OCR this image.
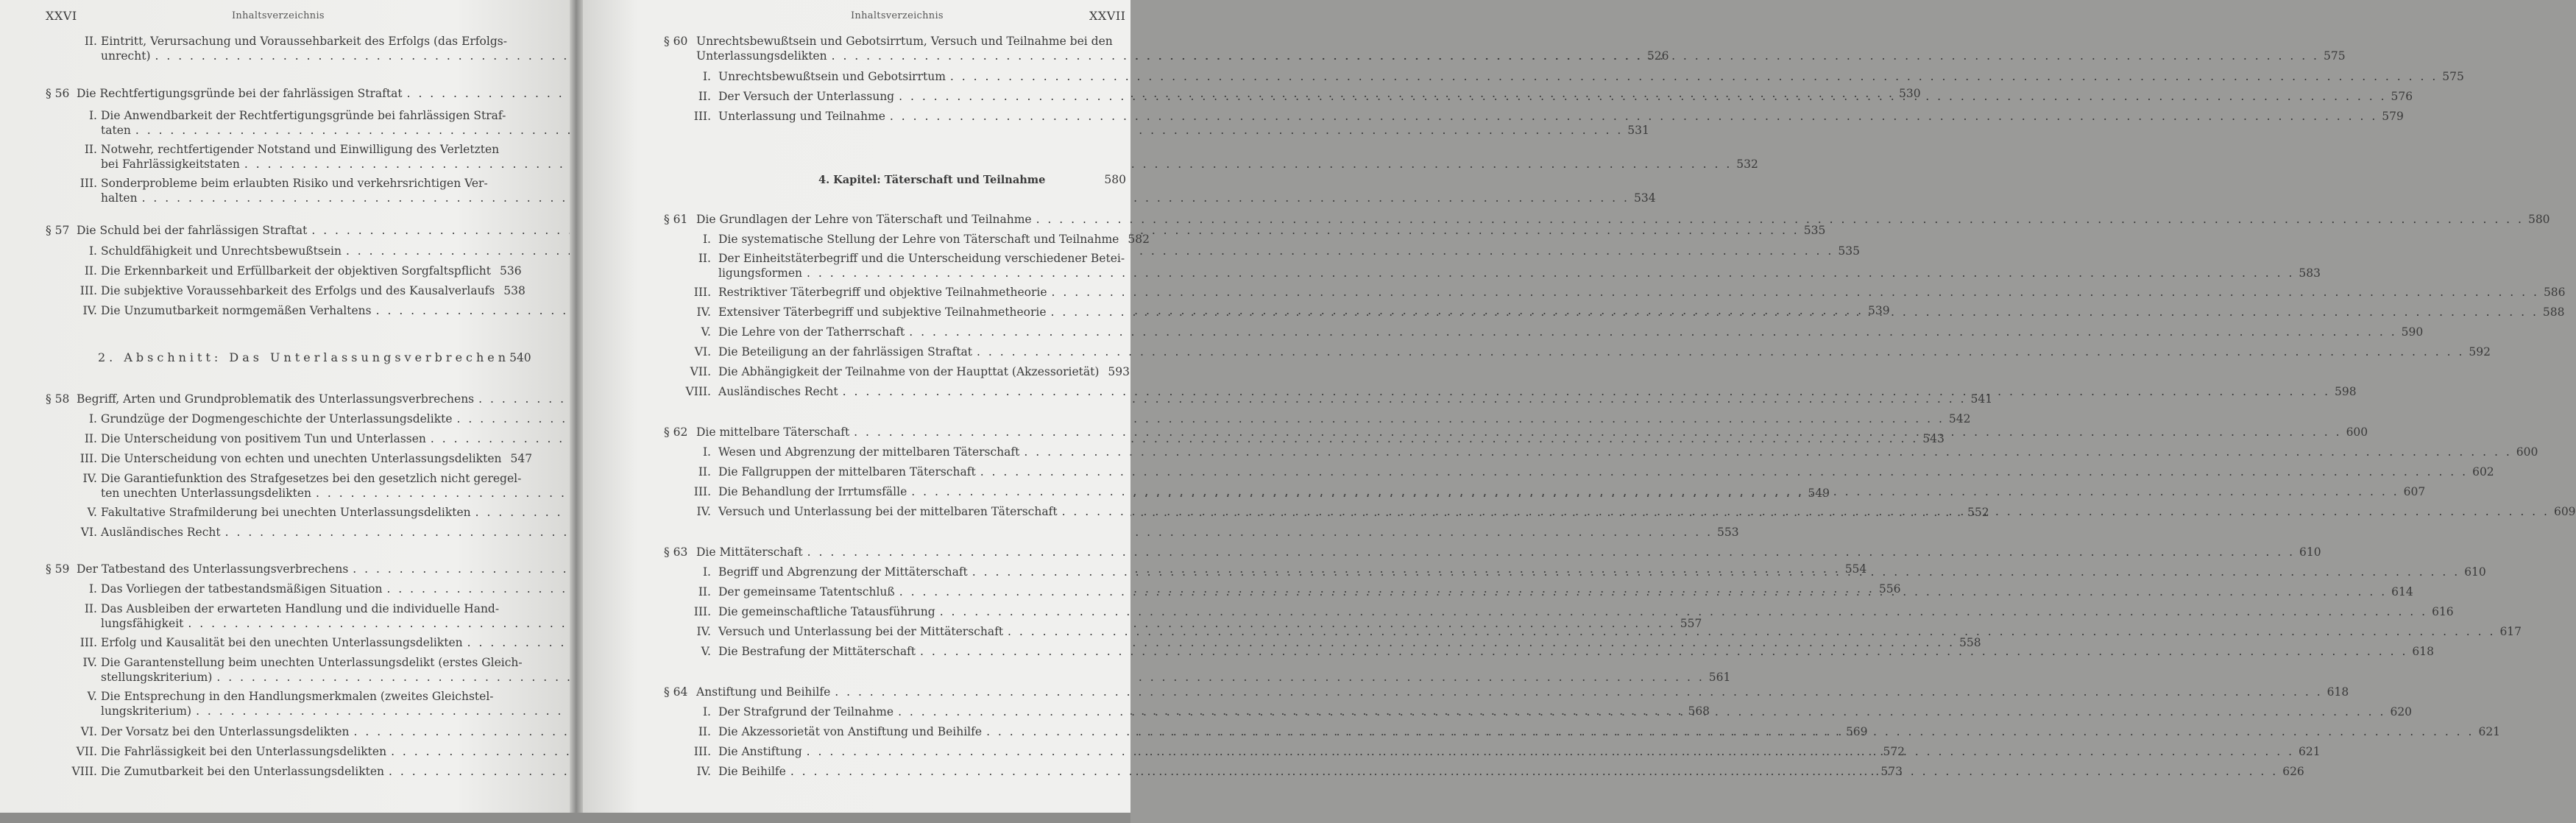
XXVI	Inhaltsverzeichnis
II. Eintritt, Verursachung und Voraussehbarkeit des Erfolgs (das Erfolgs-
unrecht) . . .	526
§ 56 Die Rechtfertigungsgründe bei der fahrlässigen Straftat . . .	530
I. Die Anwendbarkeit der Rechtfertigungsgründe bei fahrlässigen Straf-
taten . . .	531
II. Notwehr, rechtfertigender Notstand und Einwilligung des Verletzten
bei Fahrlässigkeitstaten . . .	532
III. Sonderprobleme beim erlaubten Risiko und verkehrsrichtigen Ver-
halten . . .	534
§ 57 Die Schuld bei der fahrlässigen Straftat . . .	535
I. Schuldfähigkeit und Unrechtsbewußtsein . . .	535
II. Die Erkennbarkeit und Erfüllbarkeit der objektiven Sorgfaltspflicht 536
III. Die subjektive Voraussehbarkeit des Erfolgs und des Kausalverlaufs 538
IV. Die Unzumutbarkeit normgemäßen Verhaltens . . .	539
2. Abschnitt: Das Unterlassungsverbrechen 540
§ 58 Begriff, Arten und Grundproblematik des Unterlassungsverbrechens . . .	541
I. Grundzüge der Dogmengeschichte der Unterlassungsdelikte . . .	542
II. Die Unterscheidung von positivem Tun und Unterlassen . . .	543
III. Die Unterscheidung von echten und unechten Unterlassungsdelikten 547
IV. Die Garantiefunktion des Strafgesetzes bei den gesetzlich nicht geregel-
ten unechten Unterlassungsdelikten . . .	549
V. Fakultative Strafmilderung bei unechten Unterlassungsdelikten . . .	552
VI. Ausländisches Recht . . .	553
§ 59 Der Tatbestand des Unterlassungsverbrechens . . .	554
I. Das Vorliegen der tatbestandsmäßigen Situation . . .	556
II. Das Ausbleiben der erwarteten Handlung und die individuelle Hand-
lungsfähigkeit . . .	557
III. Erfolg und Kausalität bei den unechten Unterlassungsdelikten . . .	558
IV. Die Garantenstellung beim unechten Unterlassungsdelikt (erstes Gleich-
stellungskriterium) . . .	561
V. Die Entsprechung in den Handlungsmerkmalen (zweites Gleichstel-
lungskriterium) . . .	568
VI. Der Vorsatz bei den Unterlassungsdelikten . . .	569
VII. Die Fahrlässigkeit bei den Unterlassungsdelikten . . .	572
VIII. Die Zumutbarkeit bei den Unterlassungsdelikten . . .	573
Inhaltsverzeichnis	XXVII
§ 60 Unrechtsbewußtsein und Gebotsirrtum, Versuch und Teilnahme bei den
Unterlassungsdelikten . . .	575
I. Unrechtsbewußtsein und Gebotsirrtum . . .	575
II. Der Versuch der Unterlassung . . .	576
III. Unterlassung und Teilnahme . . .	579
4. Kapitel: Täterschaft und Teilnahme	580
§ 61 Die Grundlagen der Lehre von Täterschaft und Teilnahme . . .	580
I. Die systematische Stellung der Lehre von Täterschaft und Teilnahme 582
II. Der Einheitstäterbegriff und die Unterscheidung verschiedener Betei-
ligungsformen . . .	583
III. Restriktiver Täterbegriff und objektive Teilnahmetheorie . . .	586
IV. Extensiver Täterbegriff und subjektive Teilnahmetheorie . . .	588
V. Die Lehre von der Tatherrschaft . . .	590
VI. Die Beteiligung an der fahrlässigen Straftat . . .	592
VII. Die Abhängigkeit der Teilnahme von der Haupttat (Akzessorietät) 593
VIII. Ausländisches Recht . . .	598
§ 62 Die mittelbare Täterschaft . . .	600
I. Wesen und Abgrenzung der mittelbaren Täterschaft . . .	600
II. Die Fallgruppen der mittelbaren Täterschaft . . .	602
III. Die Behandlung der Irrtumsfälle . . .	607
IV. Versuch und Unterlassung bei der mittelbaren Täterschaft . . .	609
§ 63 Die Mittäterschaft . . .	610
I. Begriff und Abgrenzung der Mittäterschaft . . .	610
II. Der gemeinsame Tatentschluß . . .	614
III. Die gemeinschaftliche Tatausführung . . .	616
IV. Versuch und Unterlassung bei der Mittäterschaft . . .	617
V. Die Bestrafung der Mittäterschaft . . .	618
§ 64 Anstiftung und Beihilfe . . .	618
I. Der Strafgrund der Teilnahme . . .	620
II. Die Akzessorietät von Anstiftung und Beihilfe . . .	621
III. Die Anstiftung . . .	621
IV. Die Beihilfe . . .	626
